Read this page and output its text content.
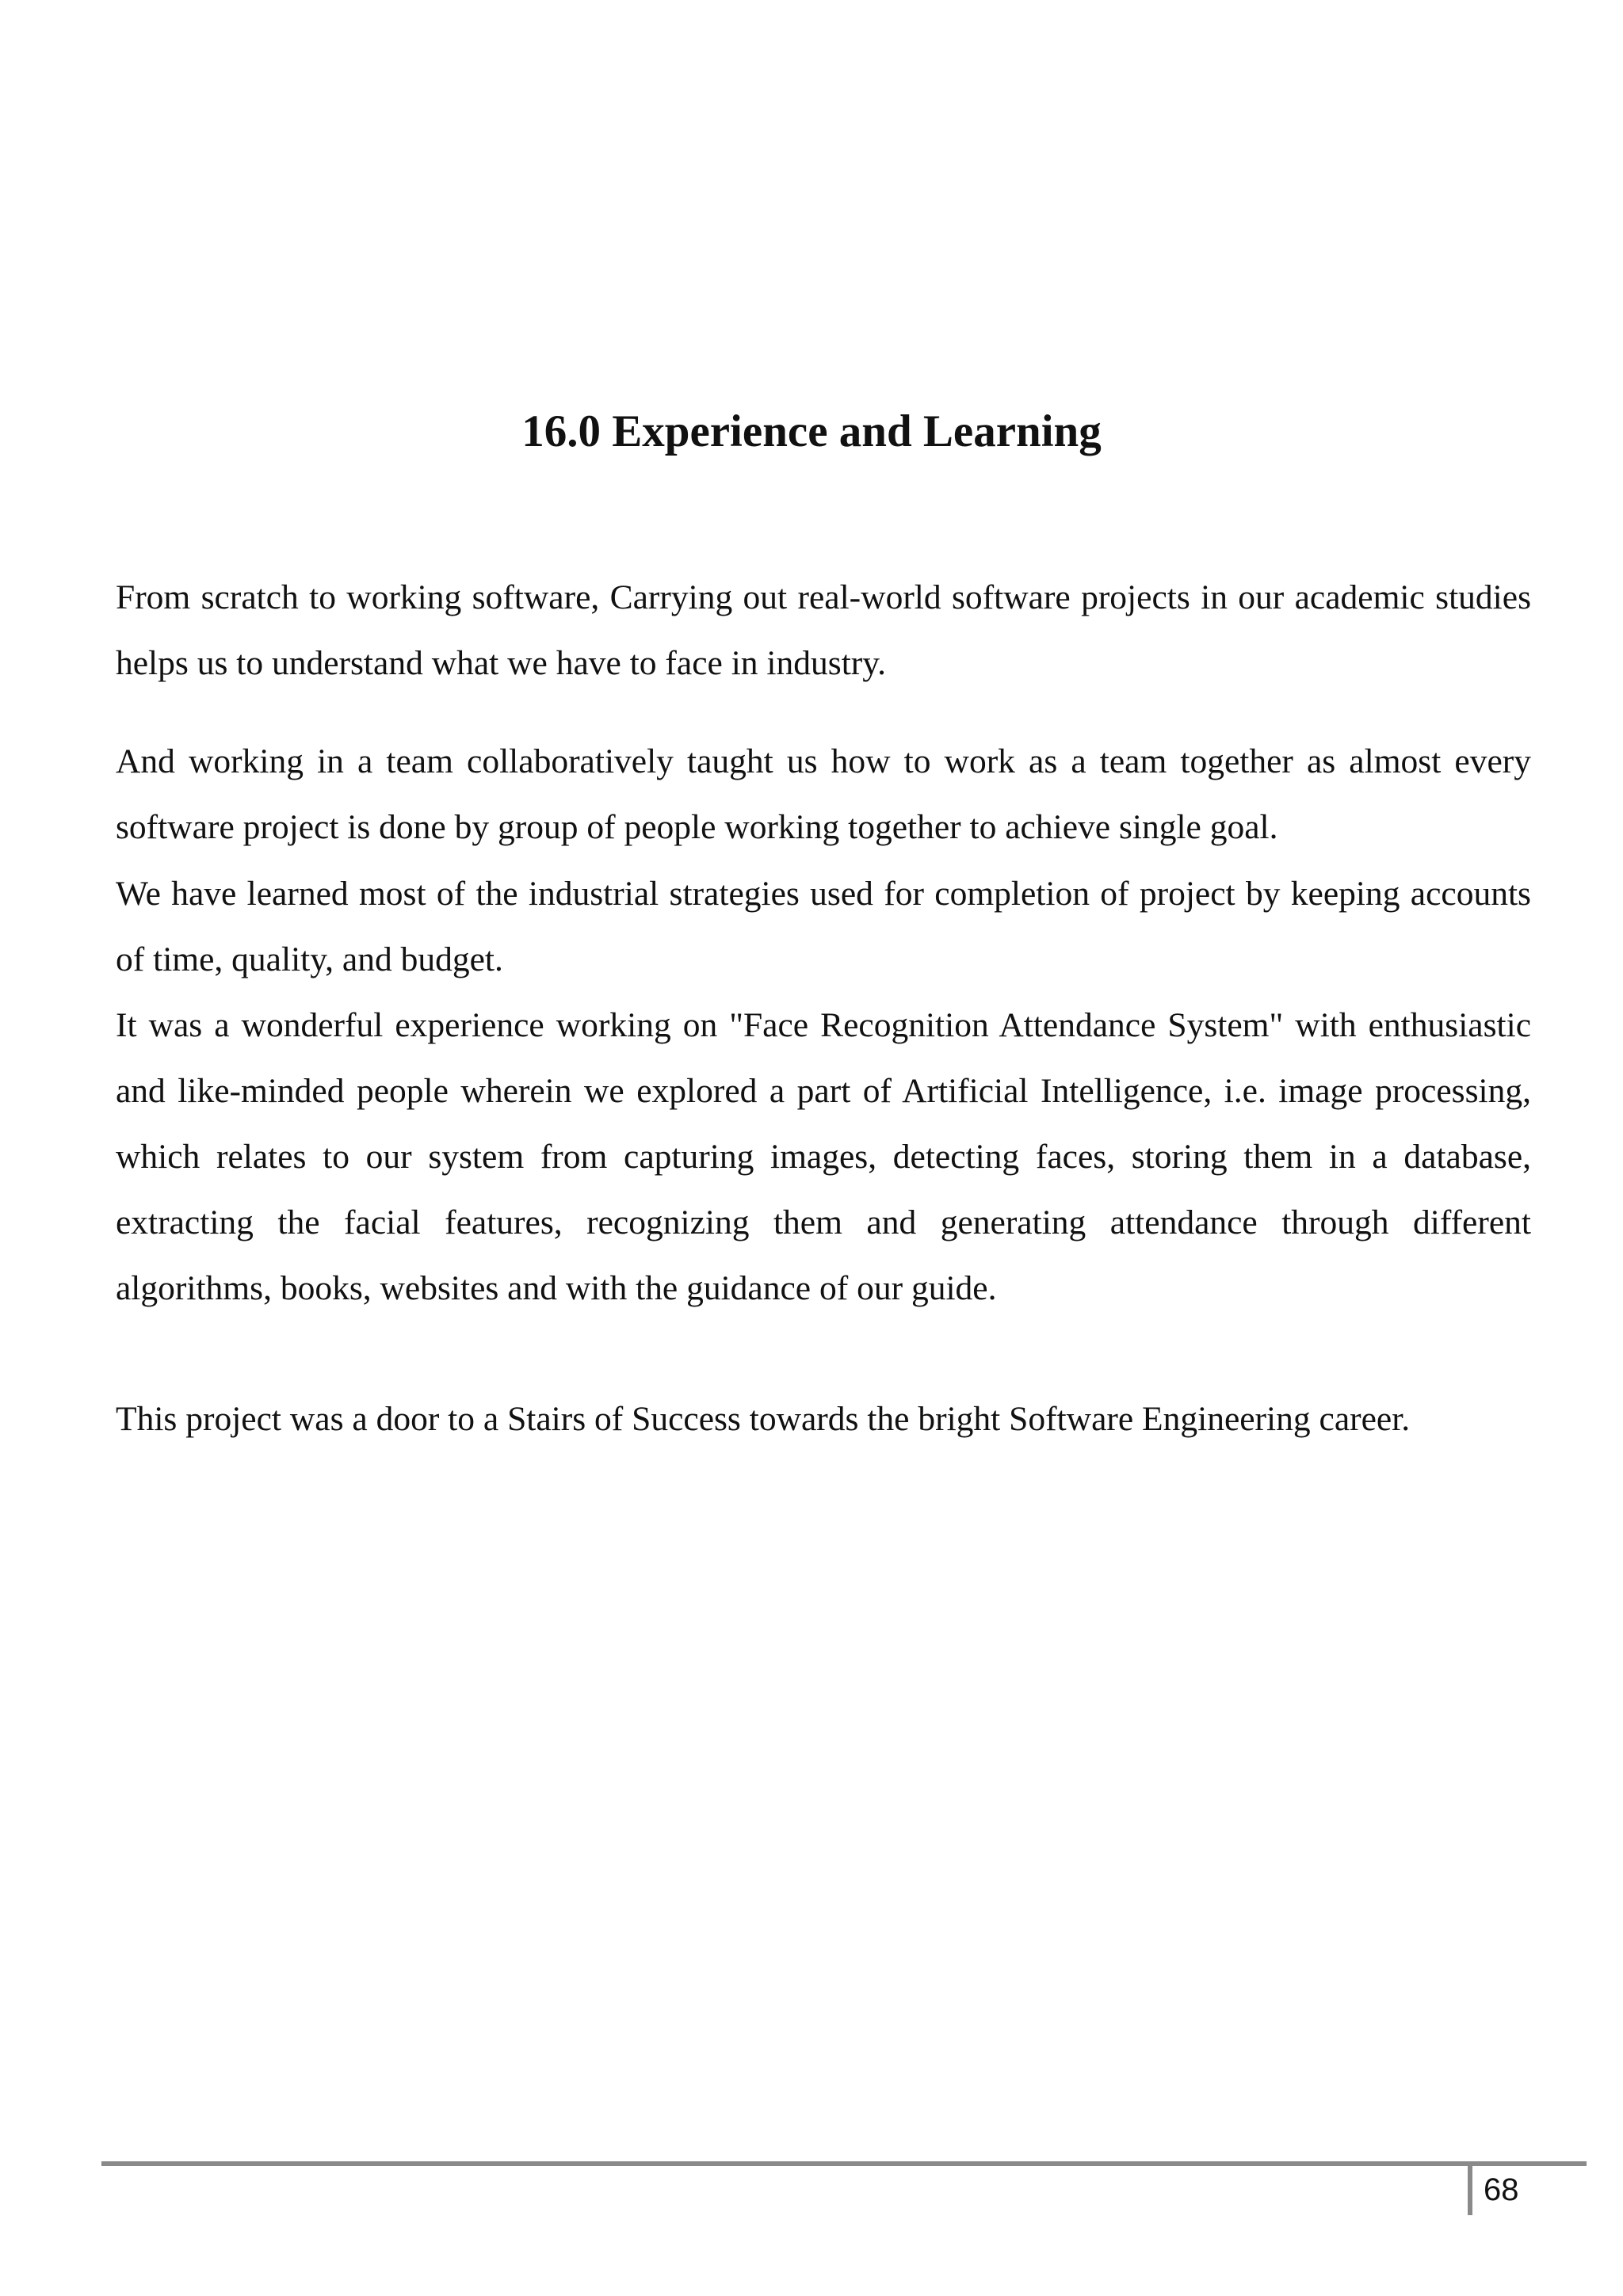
16.0 Experience and Learning

From scratch to working software, Carrying out real-world software projects in our academic studies helps us to understand what we have to face in industry.

And working in a team collaboratively taught us how to work as a team together as almost every software project is done by group of people working together to achieve single goal.

We have learned most of the industrial strategies used for completion of project by keeping accounts of time, quality, and budget.

It was a wonderful experience working on "Face Recognition Attendance System" with enthusiastic and like-minded people wherein we explored a part of Artificial Intelligence, i.e. image processing, which relates to our system from capturing images, detecting faces, storing them in a database, extracting the facial features, recognizing them and generating attendance through different algorithms, books, websites and with the guidance of our guide.

This project was a door to a Stairs of Success towards the bright Software Engineering career.

68
